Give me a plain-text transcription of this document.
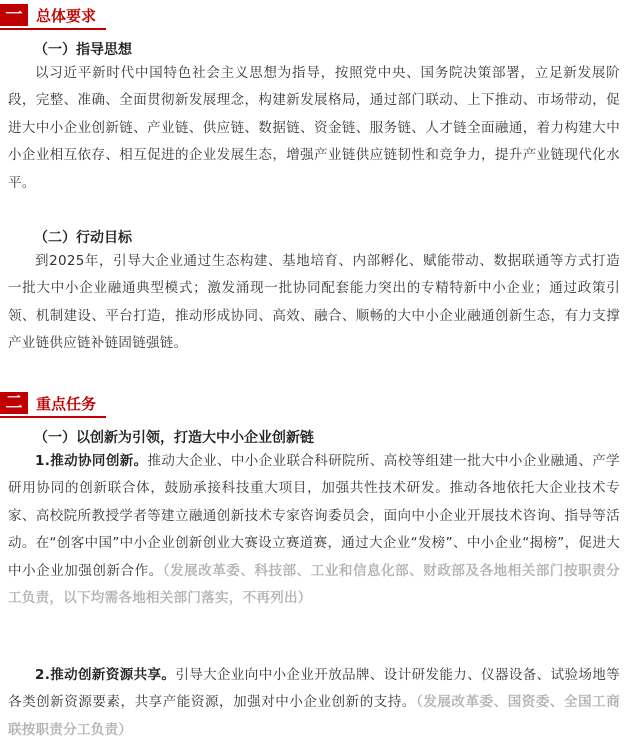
一 总体要求
（一）指导思想

以习近平新时代中国特色社会主义思想为指导，按照党中央、国务院决策部署，立足新发展阶段，完整、准确、全面贯彻新发展理念，构建新发展格局，通过部门联动、上下推动、市场带动，促进大中小企业创新链、产业链、供应链、数据链、资金链、服务链、人才链全面融通，着力构建大中小企业相互依存、相互促进的企业发展生态，增强产业链供应链韧性和竞争力，提升产业链现代化水平。

（二）行动目标

到2025年，引导大企业通过生态构建、基地培育、内部孵化、赋能带动、数据联通等方式打造一批大中小企业融通典型模式；激发涌现一批协同配套能力突出的专精特新中小企业；通过政策引领、机制建设、平台打造，推动形成协同、高效、融合、顺畅的大中小企业融通创新生态，有力支撑产业链供应链补链固链强链。

二 重点任务
（一）以创新为引领，打造大中小企业创新链

1.推动协同创新。推动大企业、中小企业联合科研院所、高校等组建一批大中小企业融通、产学研用协同的创新联合体，鼓励承接科技重大项目，加强共性技术研发。推动各地依托大企业技术专家、高校院所教授学者等建立融通创新技术专家咨询委员会，面向中小企业开展技术咨询、指导等活动。在“创客中国”中小企业创新创业大赛设立赛道赛，通过大企业“发榜”、中小企业“揭榜”，促进大中小企业加强创新合作。（发展改革委、科技部、工业和信息化部、财政部及各地相关部门按职责分工负责，以下均需各地相关部门落实，不再列出）

2.推动创新资源共享。引导大企业向中小企业开放品牌、设计研发能力、仪器设备、试验场地等各类创新资源要素，共享产能资源，加强对中小企业创新的支持。（发展改革委、国资委、全国工商联按职责分工负责）
